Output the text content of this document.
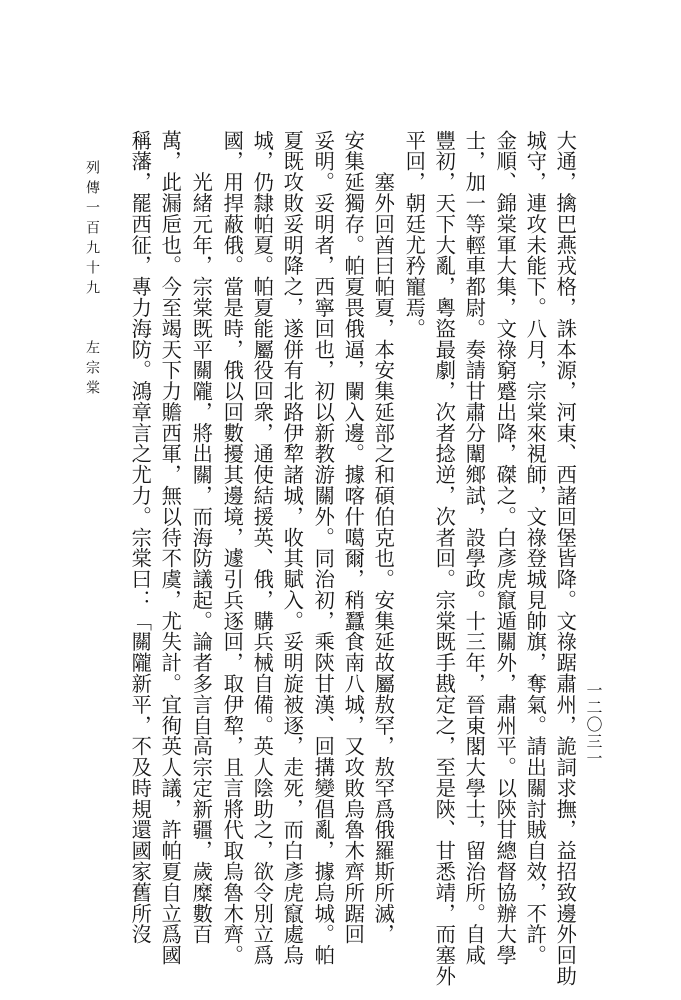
大通，擒巴燕戎格，誅本源，河東、西諸回堡皆降。文祿踞肅州，詭詞求撫，益招致邊外回助
城守，連攻未能下。八月，宗棠來視師，文祿登城見帥旗，奪氣。請出關討賊自效，不許。
金順、錦棠軍大集，文祿窮蹙出降，磔之。白彥虎竄遁關外，肅州平。以陝甘總督協辦大學
士，加一等輕車都尉。奏請甘肅分闈鄉試，設學政。十三年，晉東閣大學士，留治所。自咸
豐初，天下大亂，粵盜最劇，次者捻逆，次者回。宗棠既手戡定之，至是陝、甘悉靖，而塞外
平回，朝廷尤矜寵焉。
　　塞外回酋曰帕夏，本安集延部之和碩伯克也。安集延故屬敖罕，敖罕爲俄羅斯所滅，
安集延獨存。帕夏畏俄逼，闌入邊。據喀什噶爾，稍蠶食南八城，又攻敗烏魯木齊所踞回
妥明。妥明者，西寧回也，初以新教游關外。同治初，乘陝甘漢、回搆變倡亂，據烏城。帕
夏既攻敗妥明降之，遂併有北路伊犂諸城，收其賦入。妥明旋被逐，走死，而白彥虎竄處烏
城，仍隸帕夏。帕夏能屬役回衆，通使結援英、俄，購兵械自備。英人陰助之，欲令別立爲
國，用捍蔽俄。當是時，俄以回數擾其邊境，遽引兵逐回，取伊犂，且言將代取烏魯木齊。
　　光緒元年，宗棠既平關隴，將出關，而海防議起。論者多言自高宗定新疆，歲糜數百
萬，此漏巵也。今至竭天下力贍西軍，無以待不虞，尤失計。宜徇英人議，許帕夏自立爲國
稱藩，罷西征，專力海防。鴻章言之尤力。宗棠曰：「關隴新平，不及時規還國家舊所沒
列傳一百九十九　　左宗棠
一二〇三一
